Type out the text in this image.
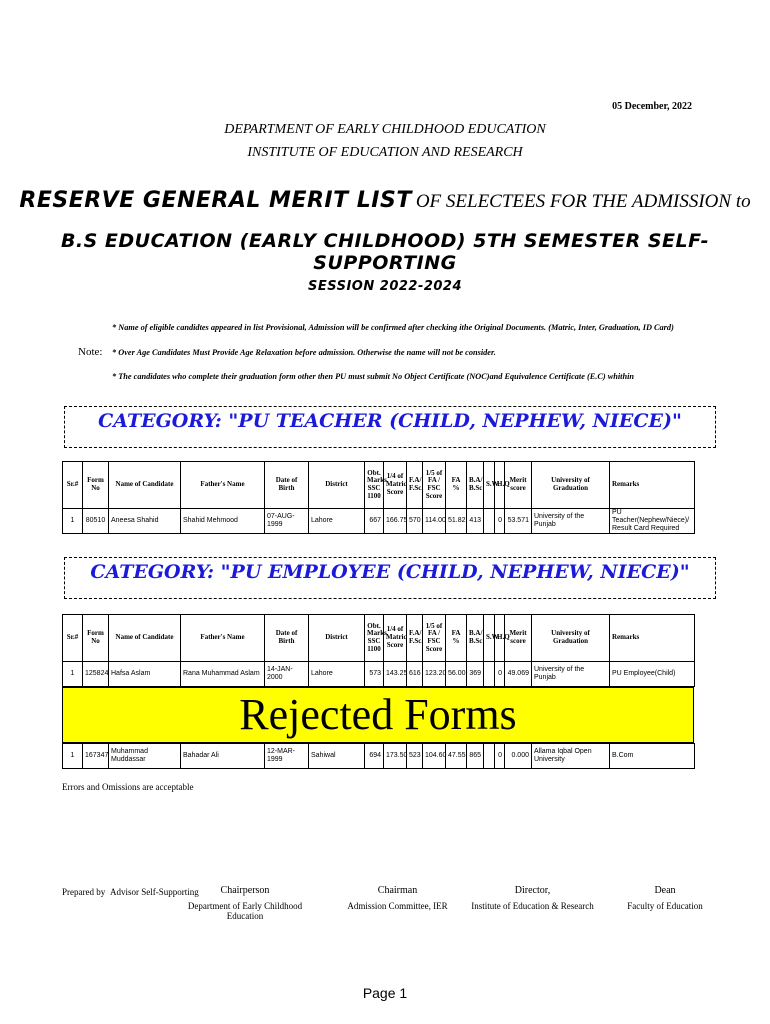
05 December, 2022
DEPARTMENT OF EARLY CHILDHOOD EDUCATION
INSTITUTE OF EDUCATION AND RESEARCH
RESERVE GENERAL MERIT LIST OF SELECTEES FOR THE ADMISSION to
B.S EDUCATION (EARLY CHILDHOOD) 5TH SEMESTER SELF-SUPPORTING
SESSION 2022-2024
Note:
* Name of eligible candidtes appeared in list Provisional, Admission will be confirmed after checking ithe Original Documents. (Matric, Inter, Graduation, ID Card)
* Over Age Candidates Must Provide Age Relaxation before admission. Otherwise the name will not be consider.
* The candidates who complete their graduation form other then PU must submit No Object Certificate (NOC)and Equivalence Certificate (E.C) whithin
CATEGORY: "PU TEACHER (CHILD, NEPHEW, NIECE)"
Sr.#	Form No	Name of Candidate	Father's Name	Date of Birth	District	Obt. Marks SSC 1100	1/4 of Matric Score	F.A/ F.Sc.	1/5 of FA / FSC Score	FA %	B.A/ B.Sc	S.W.	H.Q	Merit score	University of Graduation	Remarks
1	80510	Aneesa Shahid	Shahid Mehmood	07-AUG-1999	Lahore	667	166.75	570	114.00	51.82	413		0	53.571	University of the Punjab	PU Teacher(Nephew/Niece)/ Result Card Required
CATEGORY: "PU EMPLOYEE (CHILD, NEPHEW, NIECE)"
Sr.#	Form No	Name of Candidate	Father's Name	Date of Birth	District	Obt. Marks SSC 1100	1/4 of Matric Score	F.A/ F.Sc.	1/5 of FA / FSC Score	FA %	B.A/ B.Sc	S.W.	H.Q	Merit score	University of Graduation	Remarks
1	125824	Hafsa Aslam	Rana Muhammad Aslam	14-JAN-2000	Lahore	573	143.25	616	123.20	56.00	369		0	49.069	University of the Punjab	PU Employee(Child)
Rejected Forms
1	167347	Muhammad Muddassar	Bahadar Ali	12-MAR-1999	Sahiwal	694	173.50	523	104.60	47.55	865		0	0.000	Allama Iqbal Open University	B.Com
Errors and Omissions are acceptable
Prepared by Advisor Self-Supporting	Chairperson
Department of Early Childhood Education
Chairman
Admission Committee, IER
Director,
Institute of Education & Research
Dean
Faculty of Education
Page 1
